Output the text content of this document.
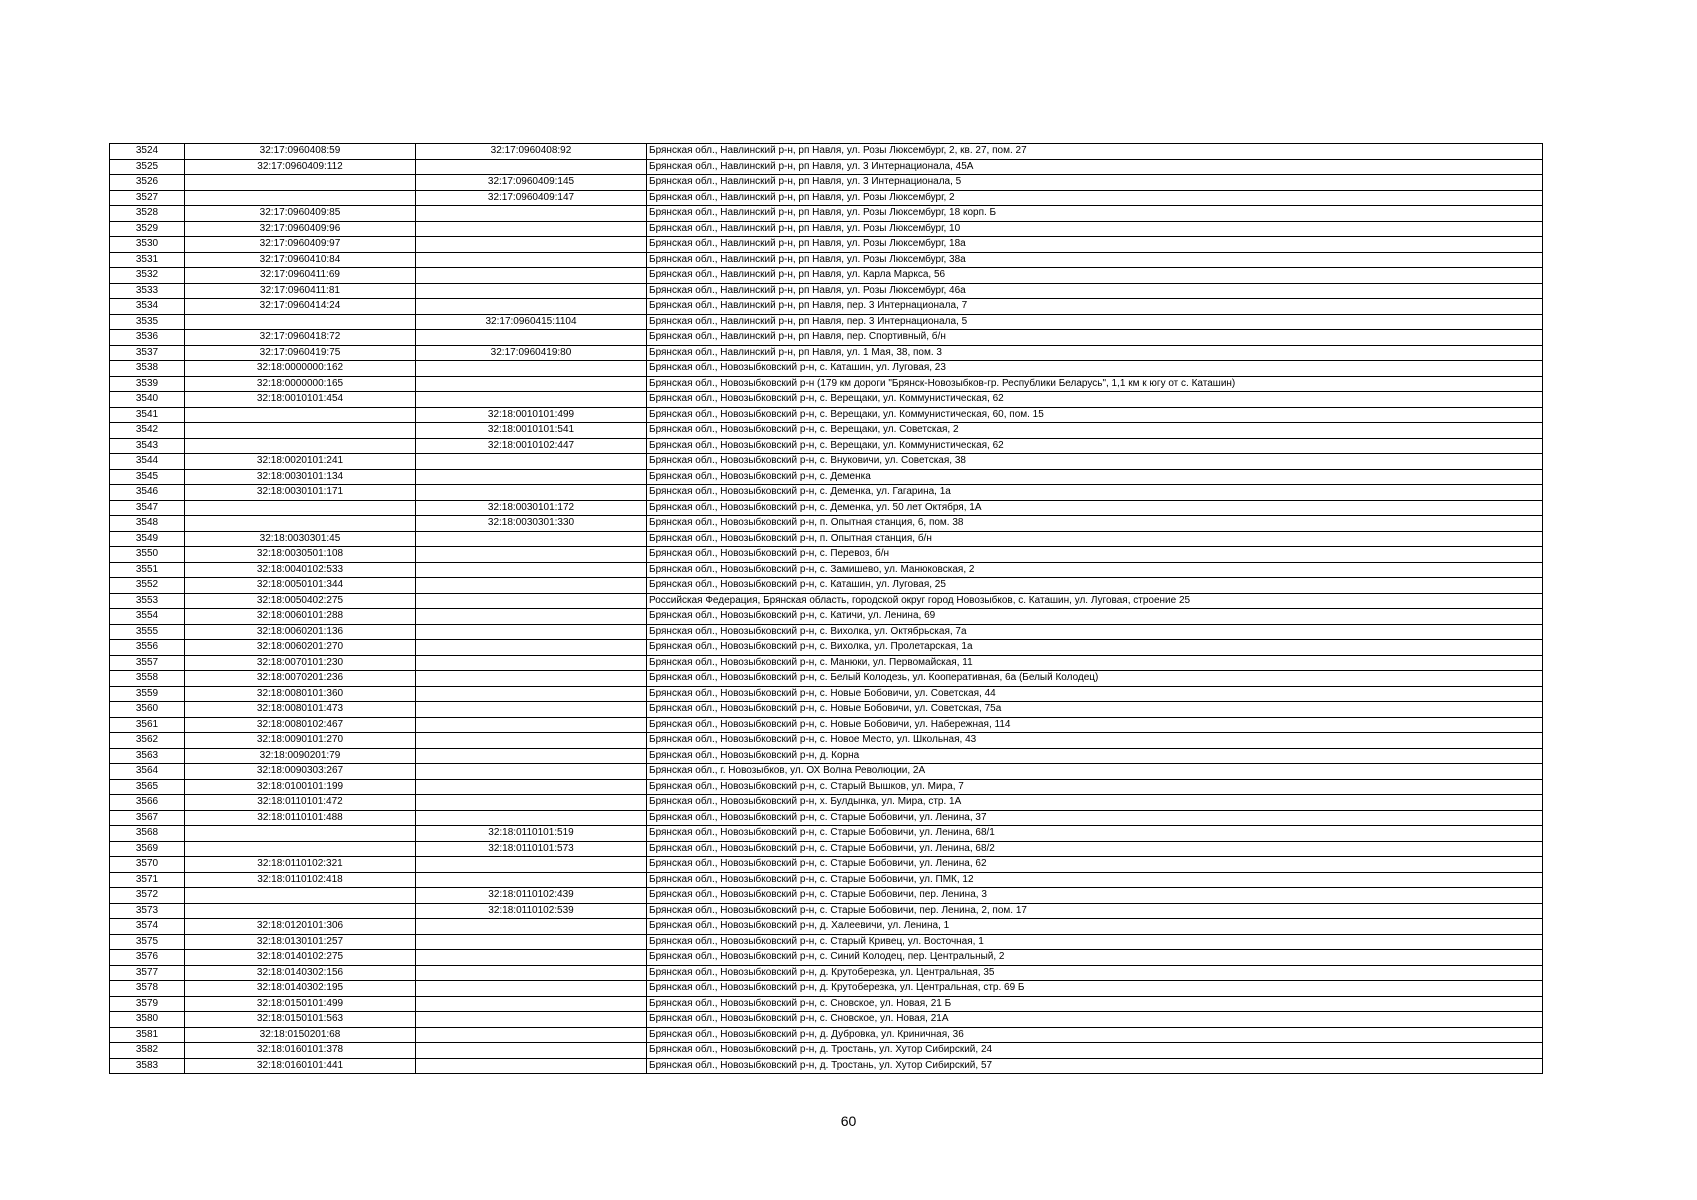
3524	32:17:0960408:59	32:17:0960408:92	Брянская обл., Навлинский р-н, рп Навля, ул. Розы Люксембург, 2, кв. 27, пом. 27
3525	32:17:0960409:112		Брянская обл., Навлинский р-н, рп Навля, ул. 3 Интернационала, 45А
3526		32:17:0960409:145	Брянская обл., Навлинский р-н, рп Навля, ул. 3 Интернационала, 5
3527		32:17:0960409:147	Брянская обл., Навлинский р-н, рп Навля, ул. Розы Люксембург, 2
3528	32:17:0960409:85		Брянская обл., Навлинский р-н, рп Навля, ул. Розы Люксембург, 18 корп. Б
3529	32:17:0960409:96		Брянская обл., Навлинский р-н, рп Навля, ул. Розы Люксембург, 10
3530	32:17:0960409:97		Брянская обл., Навлинский р-н, рп Навля, ул. Розы Люксембург, 18а
3531	32:17:0960410:84		Брянская обл., Навлинский р-н, рп Навля, ул. Розы Люксембург, 38а
3532	32:17:0960411:69		Брянская обл., Навлинский р-н, рп Навля, ул. Карла Маркса, 56
3533	32:17:0960411:81		Брянская обл., Навлинский р-н, рп Навля, ул. Розы Люксембург, 46а
3534	32:17:0960414:24		Брянская обл., Навлинский р-н, рп Навля, пер. 3 Интернационала, 7
3535		32:17:0960415:1104	Брянская обл., Навлинский р-н, рп Навля, пер. 3 Интернационала, 5
3536	32:17:0960418:72		Брянская обл., Навлинский р-н, рп Навля, пер. Спортивный, б/н
3537	32:17:0960419:75	32:17:0960419:80	Брянская обл., Навлинский р-н, рп Навля, ул. 1 Мая, 38, пом. 3
3538	32:18:0000000:162		Брянская обл., Новозыбковский р-н, с. Каташин, ул. Луговая, 23
3539	32:18:0000000:165		Брянская обл., Новозыбковский р-н (179 км дороги "Брянск-Новозыбков-гр. Республики Беларусь", 1,1 км к югу от с. Каташин)
3540	32:18:0010101:454		Брянская обл., Новозыбковский р-н, с. Верещаки, ул. Коммунистическая, 62
3541		32:18:0010101:499	Брянская обл., Новозыбковский р-н, с. Верещаки, ул. Коммунистическая, 60, пом. 15
3542		32:18:0010101:541	Брянская обл., Новозыбковский р-н, с. Верещаки, ул. Советская, 2
3543		32:18:0010102:447	Брянская обл., Новозыбковский р-н, с. Верещаки, ул. Коммунистическая, 62
3544	32:18:0020101:241		Брянская обл., Новозыбковский р-н, с. Внуковичи, ул. Советская, 38
3545	32:18:0030101:134		Брянская обл., Новозыбковский р-н, с. Деменка
3546	32:18:0030101:171		Брянская обл., Новозыбковский р-н, с. Деменка, ул. Гагарина, 1а
3547		32:18:0030101:172	Брянская обл., Новозыбковский р-н, с. Деменка, ул. 50 лет Октября, 1А
3548		32:18:0030301:330	Брянская обл., Новозыбковский р-н, п. Опытная станция, 6, пом. 38
3549	32:18:0030301:45		Брянская обл., Новозыбковский р-н, п. Опытная станция, б/н
3550	32:18:0030501:108		Брянская обл., Новозыбковский р-н, с. Перевоз, б/н
3551	32:18:0040102:533		Брянская обл., Новозыбковский р-н, с. Замишево, ул. Манюковская, 2
3552	32:18:0050101:344		Брянская обл., Новозыбковский р-н, с. Каташин, ул. Луговая, 25
3553	32:18:0050402:275		Российская Федерация, Брянская область, городской округ город Новозыбков, с. Каташин, ул. Луговая, строение 25
3554	32:18:0060101:288		Брянская обл., Новозыбковский р-н, с. Катичи, ул. Ленина, 69
3555	32:18:0060201:136		Брянская обл., Новозыбковский р-н, с. Вихолка, ул. Октябрьская, 7а
3556	32:18:0060201:270		Брянская обл., Новозыбковский р-н, с. Вихолка, ул. Пролетарская, 1а
3557	32:18:0070101:230		Брянская обл., Новозыбковский р-н, с. Манюки, ул. Первомайская, 11
3558	32:18:0070201:236		Брянская обл., Новозыбковский р-н, с. Белый Колодезь, ул. Кооперативная, 6а (Белый Колодец)
3559	32:18:0080101:360		Брянская обл., Новозыбковский р-н, с. Новые Бобовичи, ул. Советская, 44
3560	32:18:0080101:473		Брянская обл., Новозыбковский р-н, с. Новые Бобовичи, ул. Советская, 75а
3561	32:18:0080102:467		Брянская обл., Новозыбковский р-н, с. Новые Бобовичи, ул. Набережная, 114
3562	32:18:0090101:270		Брянская обл., Новозыбковский р-н, с. Новое Место, ул. Школьная, 43
3563	32:18:0090201:79		Брянская обл., Новозыбковский р-н, д. Корна
3564	32:18:0090303:267		Брянская обл., г. Новозыбков, ул. ОХ Волна Революции, 2А
3565	32:18:0100101:199		Брянская обл., Новозыбковский р-н, с. Старый Вышков, ул. Мира, 7
3566	32:18:0110101:472		Брянская обл., Новозыбковский р-н, х. Булдынка, ул. Мира, стр. 1А
3567	32:18:0110101:488		Брянская обл., Новозыбковский р-н, с. Старые Бобовичи, ул. Ленина, 37
3568		32:18:0110101:519	Брянская обл., Новозыбковский р-н, с. Старые Бобовичи, ул. Ленина, 68/1
3569		32:18:0110101:573	Брянская обл., Новозыбковский р-н, с. Старые Бобовичи, ул. Ленина, 68/2
3570	32:18:0110102:321		Брянская обл., Новозыбковский р-н, с. Старые Бобовичи, ул. Ленина, 62
3571	32:18:0110102:418		Брянская обл., Новозыбковский р-н, с. Старые Бобовичи, ул. ПМК, 12
3572		32:18:0110102:439	Брянская обл., Новозыбковский р-н, с. Старые Бобовичи, пер. Ленина, 3
3573		32:18:0110102:539	Брянская обл., Новозыбковский р-н, с. Старые Бобовичи, пер. Ленина, 2, пом. 17
3574	32:18:0120101:306		Брянская обл., Новозыбковский р-н, д. Халеевичи, ул. Ленина, 1
3575	32:18:0130101:257		Брянская обл., Новозыбковский р-н, с. Старый Кривец, ул. Восточная, 1
3576	32:18:0140102:275		Брянская обл., Новозыбковский р-н, с. Синий Колодец, пер. Центральный, 2
3577	32:18:0140302:156		Брянская обл., Новозыбковский р-н, д. Крутоберезка, ул. Центральная, 35
3578	32:18:0140302:195		Брянская обл., Новозыбковский р-н, д. Крутоберезка, ул. Центральная, стр. 69 Б
3579	32:18:0150101:499		Брянская обл., Новозыбковский р-н, с. Сновское, ул. Новая, 21 Б
3580	32:18:0150101:563		Брянская обл., Новозыбковский р-н, с. Сновское, ул. Новая, 21А
3581	32:18:0150201:68		Брянская обл., Новозыбковский р-н, д. Дубровка, ул. Криничная, 36
3582	32:18:0160101:378		Брянская обл., Новозыбковский р-н, д. Тростань, ул. Хутор Сибирский, 24
3583	32:18:0160101:441		Брянская обл., Новозыбковский р-н, д. Тростань, ул. Хутор Сибирский, 57
60
